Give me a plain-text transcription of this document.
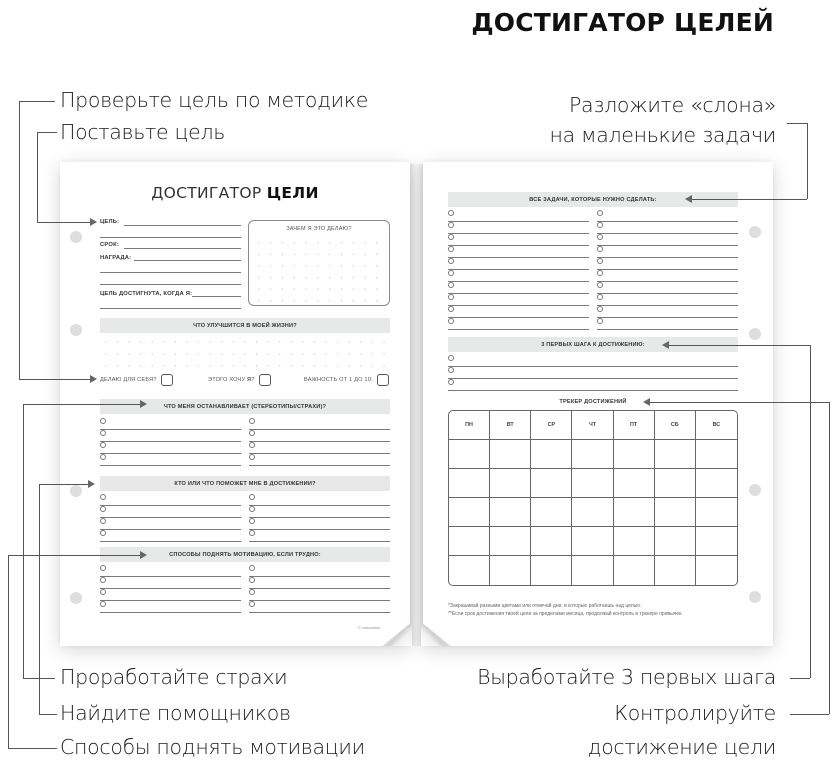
ДОСТИГАТОР ЦЕЛЕЙ
Проверьте цель по методике
Поставьте цель
Проработайте страхи
Найдите помощников
Способы поднять мотивации
Разложите «слона»
на маленькие задачи
Выработайте 3 первых шага
Контролируйте
достижение цели
ДОСТИГАТОР ЦЕЛИ
ЦЕЛЬ:
СРОК:
НАГРАДА:
ЦЕЛЬ ДОСТИГНУТА, КОГДА Я:
ЗАЧЕМ Я ЭТО ДЕЛАЮ?
ЧТО УЛУЧШИТСЯ В МОЕЙ ЖИЗНИ?
ДЕЛАЮ ДЛЯ СЕБЯ?	ЭТОГО ХОЧУ Я?	ВАЖНОСТЬ ОТ 1 ДО 10:
ЧТО МЕНЯ ОСТАНАВЛИВАЕТ (СТЕРЕОТИПЫ/СТРАХИ)?
КТО ИЛИ ЧТО ПОМОЖЕТ МНЕ В ДОСТИЖЕНИИ?
СПОСОБЫ ПОДНЯТЬ МОТИВАЦИЮ, ЕСЛИ ТРУДНО:
© notsanktas
ВСЕ ЗАДАЧИ, КОТОРЫЕ НУЖНО СДЕЛАТЬ:
3 ПЕРВЫХ ШАГА К ДОСТИЖЕНИЮ:
ТРЕКЕР ДОСТИЖЕНИЙ
ПН	ВТ	СР	ЧТ	ПТ	СБ	ВС
*Закрашивай разными цветами или отмечай дни, в которые работаешь над целью.
**Если срок достижения твоей цели за пределами месяца, продолжай контроль в трекере привычек.
